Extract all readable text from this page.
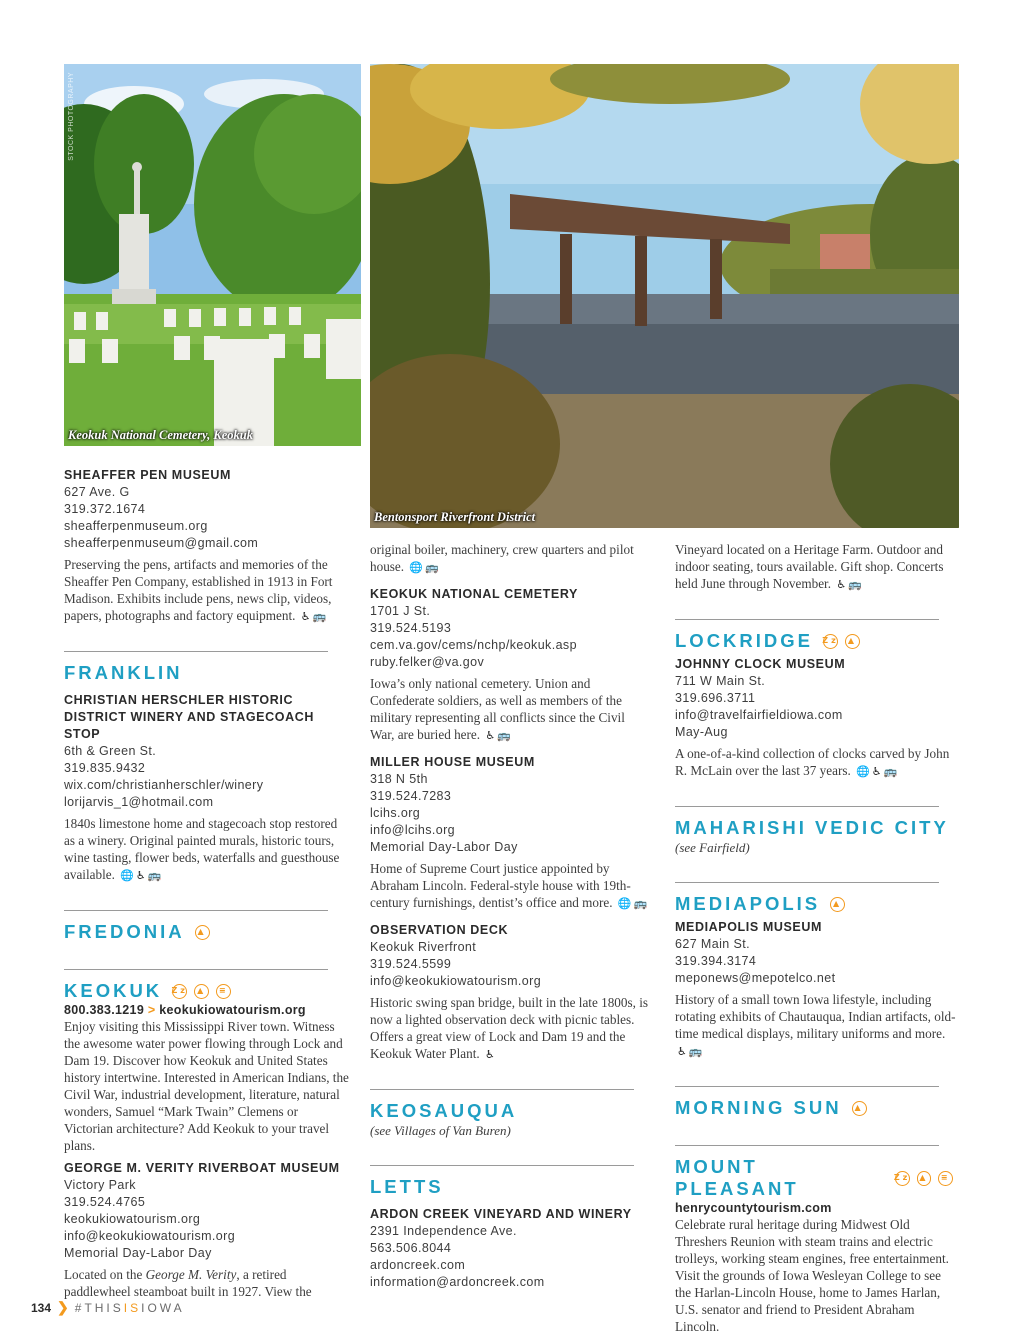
STOCK PHOTOGRAPHY
Keokuk National Cemetery, Keokuk
Bentonsport Riverfront District
SHEAFFER PEN MUSEUM
627 Ave. G
319.372.1674
sheafferpenmuseum.org
sheafferpenmuseum@gmail.com
Preserving the pens, artifacts and memories of the Sheaffer Pen Company, established in 1913 in Fort Madison. Exhibits include pens, news clip, videos, papers, photographs and factory equipment. ♿ 🚌
FRANKLIN
CHRISTIAN HERSCHLER HISTORIC DISTRICT WINERY AND STAGECOACH STOP
6th & Green St.
319.835.9432
wix.com/christianherschler/winery
lorijarvis_1@hotmail.com
1840s limestone home and stagecoach stop restored as a winery. Original painted murals, historic tours, wine tasting, flower beds, waterfalls and guesthouse available. 🌐 ♿ 🚌
FREDONIA	▲
KEOKUK Zz	▲	≡
800.383.1219 > keokukiowatourism.org
Enjoy visiting this Mississippi River town. Witness the awesome water power flowing through Lock and Dam 19. Discover how Keokuk and United States history intertwine. Interested in American Indians, the Civil War, industrial development, literature, natural wonders, Samuel “Mark Twain” Clemens or Victorian architecture? Add Keokuk to your travel plans.
GEORGE M. VERITY RIVERBOAT MUSEUM
Victory Park
319.524.4765
keokukiowatourism.org
info@keokukiowatourism.org
Memorial Day-Labor Day
Located on the George M. Verity, a retired paddlewheel steamboat built in 1927. View the
original boiler, machinery, crew quarters and pilot house. 🌐 🚌
KEOKUK NATIONAL CEMETERY
1701 J St.
319.524.5193
cem.va.gov/cems/nchp/keokuk.asp
ruby.felker@va.gov
Iowa’s only national cemetery. Union and Confederate soldiers, as well as members of the military representing all conflicts since the Civil War, are buried here. ♿ 🚌
MILLER HOUSE MUSEUM
318 N 5th
319.524.7283
lcihs.org
info@lcihs.org
Memorial Day-Labor Day
Home of Supreme Court justice appointed by Abraham Lincoln. Federal-style house with 19th-century furnishings, dentist’s office and more. 🌐 🚌
OBSERVATION DECK
Keokuk Riverfront
319.524.5599
info@keokukiowatourism.org
Historic swing span bridge, built in the late 1800s, is now a lighted observation deck with picnic tables. Offers a great view of Lock and Dam 19 and the Keokuk Water Plant. ♿
KEOSAUQUA
(see Villages of Van Buren)
LETTS
ARDON CREEK VINEYARD AND WINERY
2391 Independence Ave.
563.506.8044
ardoncreek.com
information@ardoncreek.com
Vineyard located on a Heritage Farm. Outdoor and indoor seating, tours available. Gift shop. Concerts held June through November. ♿ 🚌
LOCKRIDGE Zz	▲
JOHNNY CLOCK MUSEUM
711 W Main St.
319.696.3711
info@travelfairfieldiowa.com
May-Aug
A one-of-a-kind collection of clocks carved by John R. McLain over the last 37 years. 🌐 ♿ 🚌
MAHARISHI VEDIC CITY
(see Fairfield)
MEDIAPOLIS	▲
MEDIAPOLIS MUSEUM
627 Main St.
319.394.3174
meponews@mepotelco.net
History of a small town Iowa lifestyle, including rotating exhibits of Chautauqua, Indian artifacts, old-time medical displays, military uniforms and more. ♿ 🚌
MORNING SUN	▲
MOUNT PLEASANT
Zz	▲	≡
henrycountytourism.com
Celebrate rural heritage during Midwest Old Threshers Reunion with steam trains and electric trolleys, working steam engines, free entertainment. Visit the grounds of Iowa Wesleyan College to see the Harlan-Lincoln House, home to James Harlan, U.S. senator and friend to President Abraham Lincoln.
134 ❯ #THISISIOWA
